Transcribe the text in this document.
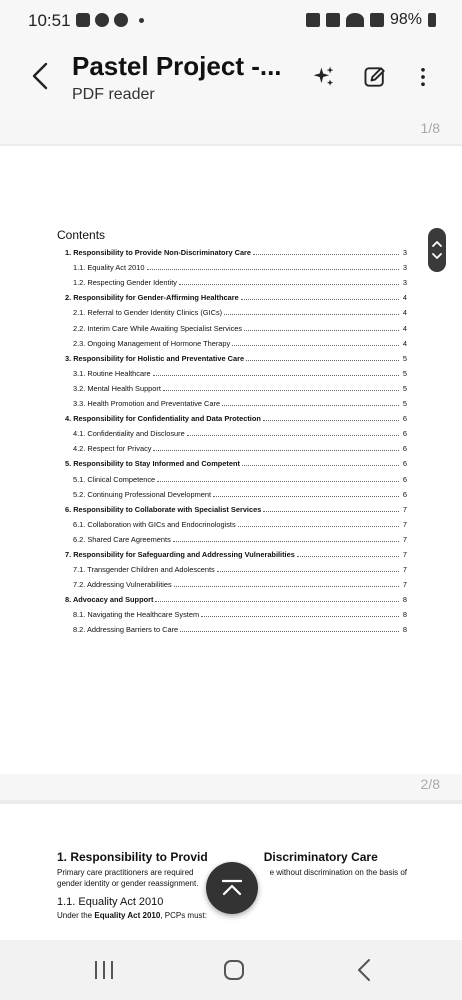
10:51	98%
Pastel Project -...
PDF reader
1/8
Contents
1. Responsibility to Provide Non-Discriminatory Care	3
1.1. Equality Act 2010	3
1.2. Respecting Gender Identity	3
2. Responsibility for Gender-Affirming Healthcare	4
2.1. Referral to Gender Identity Clinics (GICs)	4
2.2. Interim Care While Awaiting Specialist Services	4
2.3. Ongoing Management of Hormone Therapy	4
3. Responsibility for Holistic and Preventative Care	5
3.1. Routine Healthcare	5
3.2. Mental Health Support	5
3.3. Health Promotion and Preventative Care	5
4. Responsibility for Confidentiality and Data Protection	6
4.1. Confidentiality and Disclosure	6
4.2. Respect for Privacy	6
5. Responsibility to Stay Informed and Competent	6
5.1. Clinical Competence	6
5.2. Continuing Professional Development	6
6. Responsibility to Collaborate with Specialist Services	7
6.1. Collaboration with GICs and Endocrinologists	7
6.2. Shared Care Agreements	7
7. Responsibility for Safeguarding and Addressing Vulnerabilities	7
7.1. Transgender Children and Adolescents	7
7.2. Addressing Vulnerabilities	7
8. Advocacy and Support	8
8.1. Navigating the Healthcare System	8
8.2. Addressing Barriers to Care	8
2/8
1. Responsibility to Provid	Discriminatory Care
Primary care practitioners are required	e without discrimination on the basis of
gender identity or gender reassignment.
1.1. Equality Act 2010
Under the Equality Act 2010, PCPs must:
